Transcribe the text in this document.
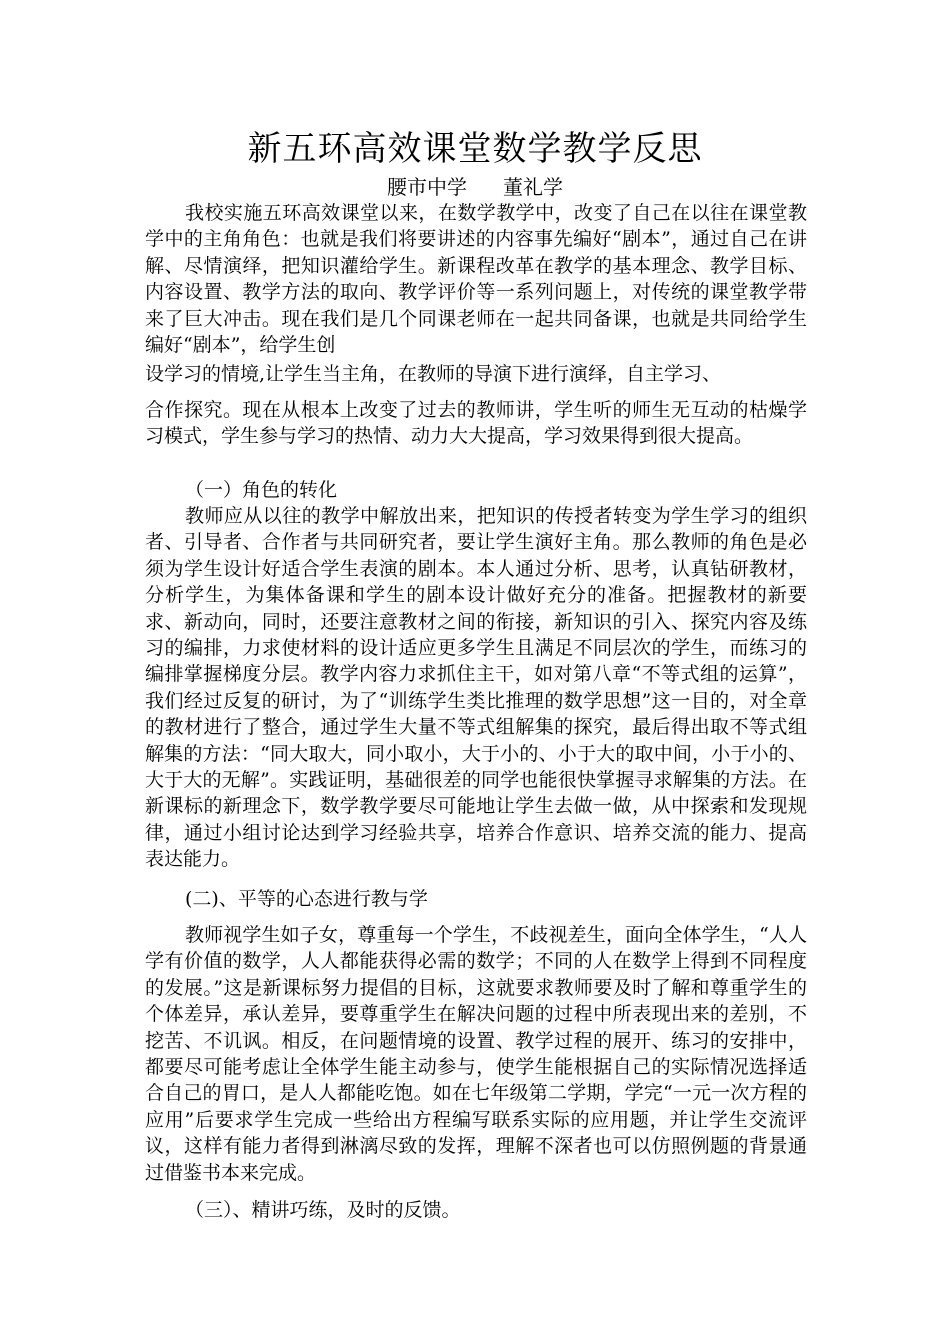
新五环高效课堂数学教学反思
腰市中学 董礼学
我校实施五环高效课堂以来，在数学教学中，改变了自己在以往在课堂教学中的主角角色：也就是我们将要讲述的内容事先编好“剧本”，通过自己在讲解、尽情演绎，把知识灌给学生。新课程改革在教学的基本理念、教学目标、内容设置、教学方法的取向、教学评价等一系列问题上，对传统的课堂教学带来了巨大冲击。现在我们是几个同课老师在一起共同备课，也就是共同给学生编好“剧本”，给学生创
设学习的情境,让学生当主角，在教师的导演下进行演绎，自主学习、
合作探究。现在从根本上改变了过去的教师讲，学生听的师生无互动的枯燥学习模式，学生参与学习的热情、动力大大提高，学习效果得到很大提高。
（一）角色的转化
教师应从以往的教学中解放出来，把知识的传授者转变为学生学习的组织者、引导者、合作者与共同研究者，要让学生演好主角。那么教师的角色是必须为学生设计好适合学生表演的剧本。本人通过分析、思考，认真钻研教材，分析学生，为集体备课和学生的剧本设计做好充分的准备。把握教材的新要求、新动向，同时，还要注意教材之间的衔接，新知识的引入、探究内容及练习的编排，力求使材料的设计适应更多学生且满足不同层次的学生，而练习的编排掌握梯度分层。教学内容力求抓住主干，如对第八章“不等式组的运算”，我们经过反复的研讨，为了“训练学生类比推理的数学思想”这一目的，对全章的教材进行了整合，通过学生大量不等式组解集的探究，最后得出取不等式组解集的方法：“同大取大，同小取小，大于小的、小于大的取中间，小于小的、大于大的无解”。实践证明，基础很差的同学也能很快掌握寻求解集的方法。在新课标的新理念下，数学教学要尽可能地让学生去做一做，从中探索和发现规律，通过小组讨论达到学习经验共享，培养合作意识、培养交流的能力、提高表达能力。
(二)、平等的心态进行教与学
教师视学生如子女，尊重每一个学生，不歧视差生，面向全体学生，“人人学有价值的数学，人人都能获得必需的数学；不同的人在数学上得到不同程度的发展。”这是新课标努力提倡的目标，这就要求教师要及时了解和尊重学生的个体差异，承认差异，要尊重学生在解决问题的过程中所表现出来的差别，不挖苦、不讥讽。相反，在问题情境的设置、教学过程的展开、练习的安排中，都要尽可能考虑让全体学生能主动参与，使学生能根据自己的实际情况选择适合自己的胃口，是人人都能吃饱。如在七年级第二学期，学完“一元一次方程的应用”后要求学生完成一些给出方程编写联系实际的应用题，并让学生交流评议，这样有能力者得到淋漓尽致的发挥，理解不深者也可以仿照例题的背景通过借鉴书本来完成。
（三）、精讲巧练，及时的反馈。
